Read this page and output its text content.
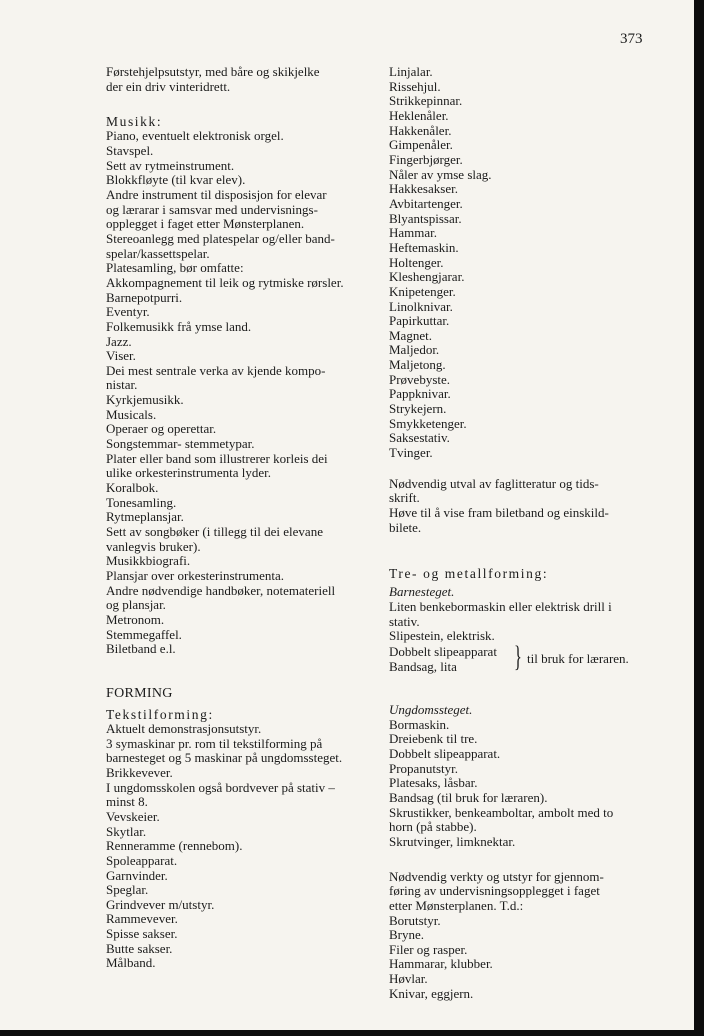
373
Førstehjelpsutstyr, med båre og skikjelke
der ein driv vinteridrett.
Musikk:
Piano, eventuelt elektronisk orgel.
Stavspel.
Sett av rytmeinstrument.
Blokkfløyte (til kvar elev).
Andre instrument til disposisjon for elevar
og lærarar i samsvar med undervisnings-
opplegget i faget etter Mønsterplanen.
Stereoanlegg med platespelar og/eller band-
spelar/kassettspelar.
Platesamling, bør omfatte:
Akkompagnement til leik og rytmiske rørsler.
Barnepotpurri.
Eventyr.
Folkemusikk frå ymse land.
Jazz.
Viser.
Dei mest sentrale verka av kjende kompo-
nistar.
Kyrkjemusikk.
Musicals.
Operaer og operettar.
Songstemmar- stemmetypar.
Plater eller band som illustrerer korleis dei
ulike orkesterinstrumenta lyder.
Koralbok.
Tonesamling.
Rytmeplansjar.
Sett av songbøker (i tillegg til dei elevane
vanlegvis bruker).
Musikkbiografi.
Plansjar over orkesterinstrumenta.
Andre nødvendige handbøker, notemateriell
og plansjar.
Metronom.
Stemmegaffel.
Biletband e.l.
FORMING
Tekstilforming:
Aktuelt demonstrasjonsutstyr.
3 symaskinar pr. rom til tekstilforming på
barnesteget og 5 maskinar på ungdomssteget.
Brikkevever.
I ungdomsskolen også bordvever på stativ –
minst 8.
Vevskeier.
Skytlar.
Renneramme (rennebom).
Spoleapparat.
Garnvinder.
Speglar.
Grindvever m/utstyr.
Rammevever.
Spisse sakser.
Butte sakser.
Målband.
Linjalar.
Rissehjul.
Strikkepinnar.
Heklenåler.
Hakkenåler.
Gimpenåler.
Fingerbjørger.
Nåler av ymse slag.
Hakkesakser.
Avbitartenger.
Blyantspissar.
Hammar.
Heftemaskin.
Holtenger.
Kleshengjarar.
Knipetenger.
Linolknivar.
Papirkuttar.
Magnet.
Maljedor.
Maljetong.
Prøvebyste.
Pappknivar.
Strykejern.
Smykketenger.
Saksestativ.
Tvinger.
Nødvendig utval av faglitteratur og tids-
skrift.
Høve til å vise fram biletband og einskild-
bilete.
Tre- og metallforming:
Barnesteget.
Liten benkebormaskin eller elektrisk drill i
stativ.
Slipestein, elektrisk.
Dobbelt slipeapparat
Bandsag, lita	} til bruk for læraren.
Ungdomssteget.
Bormaskin.
Dreiebenk til tre.
Dobbelt slipeapparat.
Propanutstyr.
Platesaks, låsbar.
Bandsag (til bruk for læraren).
Skrustikker, benkeamboltar, ambolt med to
horn (på stabbe).
Skrutvinger, limknektar.
Nødvendig verkty og utstyr for gjennom-
føring av undervisningsopplegget i faget
etter Mønsterplanen. T.d.:
Borutstyr.
Bryne.
Filer og rasper.
Hammarar, klubber.
Høvlar.
Knivar, eggjern.
